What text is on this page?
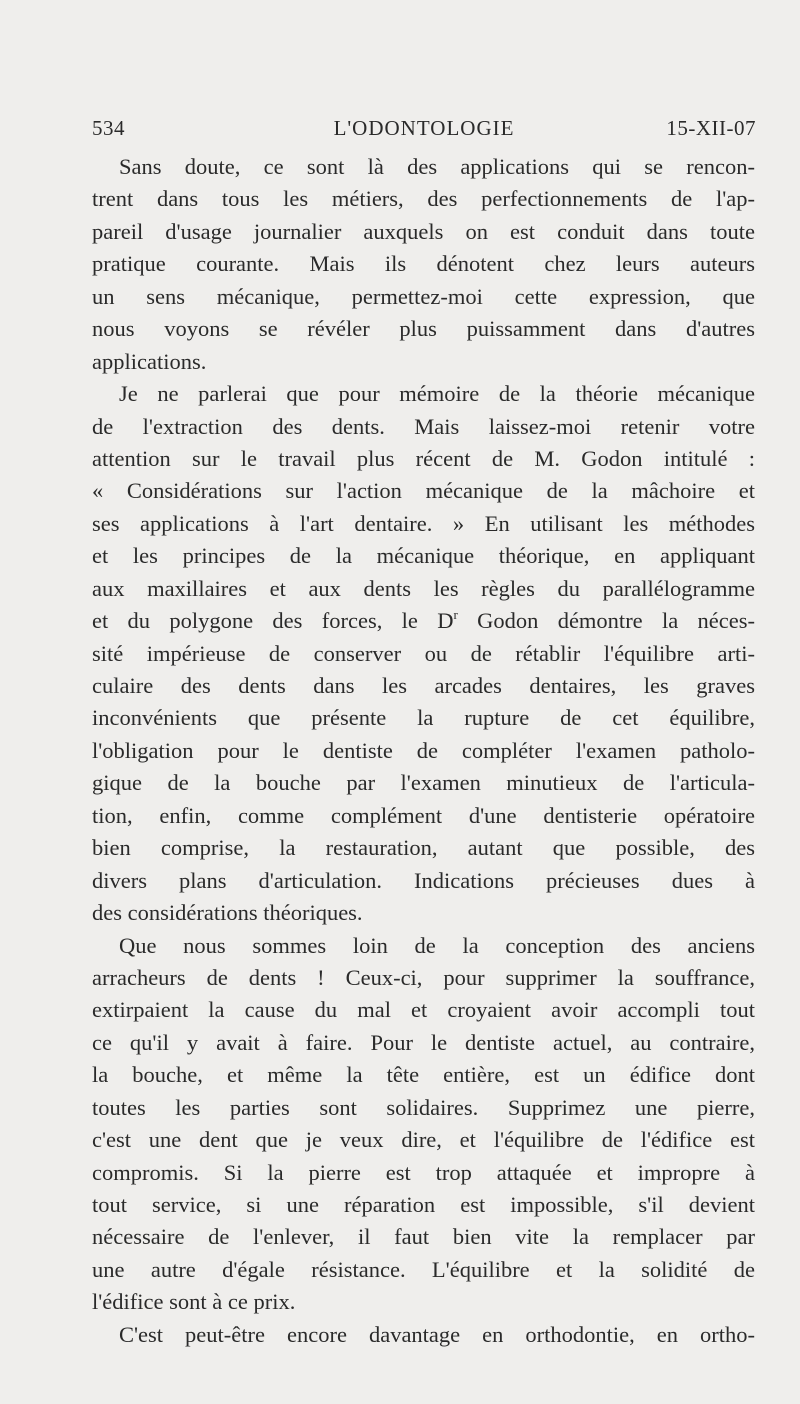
534	L'ODONTOLOGIE	15-XII-07
Sans doute, ce sont là des applications qui se rencon-
trent dans tous les métiers, des perfectionnements de l'ap-
pareil d'usage journalier auxquels on est conduit dans toute
pratique courante. Mais ils dénotent chez leurs auteurs
un sens mécanique, permettez-moi cette expression, que
nous voyons se révéler plus puissamment dans d'autres
applications.
Je ne parlerai que pour mémoire de la théorie mécanique
de l'extraction des dents. Mais laissez-moi retenir votre
attention sur le travail plus récent de M. Godon intitulé :
« Considérations sur l'action mécanique de la mâchoire et
ses applications à l'art dentaire. » En utilisant les méthodes
et les principes de la mécanique théorique, en appliquant
aux maxillaires et aux dents les règles du parallélogramme
et du polygone des forces, le $D^r$ Godon démontre la néces-
sité impérieuse de conserver ou de rétablir l'équilibre arti-
culaire des dents dans les arcades dentaires, les graves
inconvénients que présente la rupture de cet équilibre,
l'obligation pour le dentiste de compléter l'examen patholo-
gique de la bouche par l'examen minutieux de l'articula-
tion, enfin, comme complément d'une dentisterie opératoire
bien comprise, la restauration, autant que possible, des
divers plans d'articulation. Indications précieuses dues à
des considérations théoriques.
Que nous sommes loin de la conception des anciens
arracheurs de dents ! Ceux-ci, pour supprimer la souffrance,
extirpaient la cause du mal et croyaient avoir accompli tout
ce qu'il y avait à faire. Pour le dentiste actuel, au contraire,
la bouche, et même la tête entière, est un édifice dont
toutes les parties sont solidaires. Supprimez une pierre,
c'est une dent que je veux dire, et l'équilibre de l'édifice est
compromis. Si la pierre est trop attaquée et impropre à
tout service, si une réparation est impossible, s'il devient
nécessaire de l'enlever, il faut bien vite la remplacer par
une autre d'égale résistance. L'équilibre et la solidité de
l'édifice sont à ce prix.
C'est peut-être encore davantage en orthodontie, en ortho-
